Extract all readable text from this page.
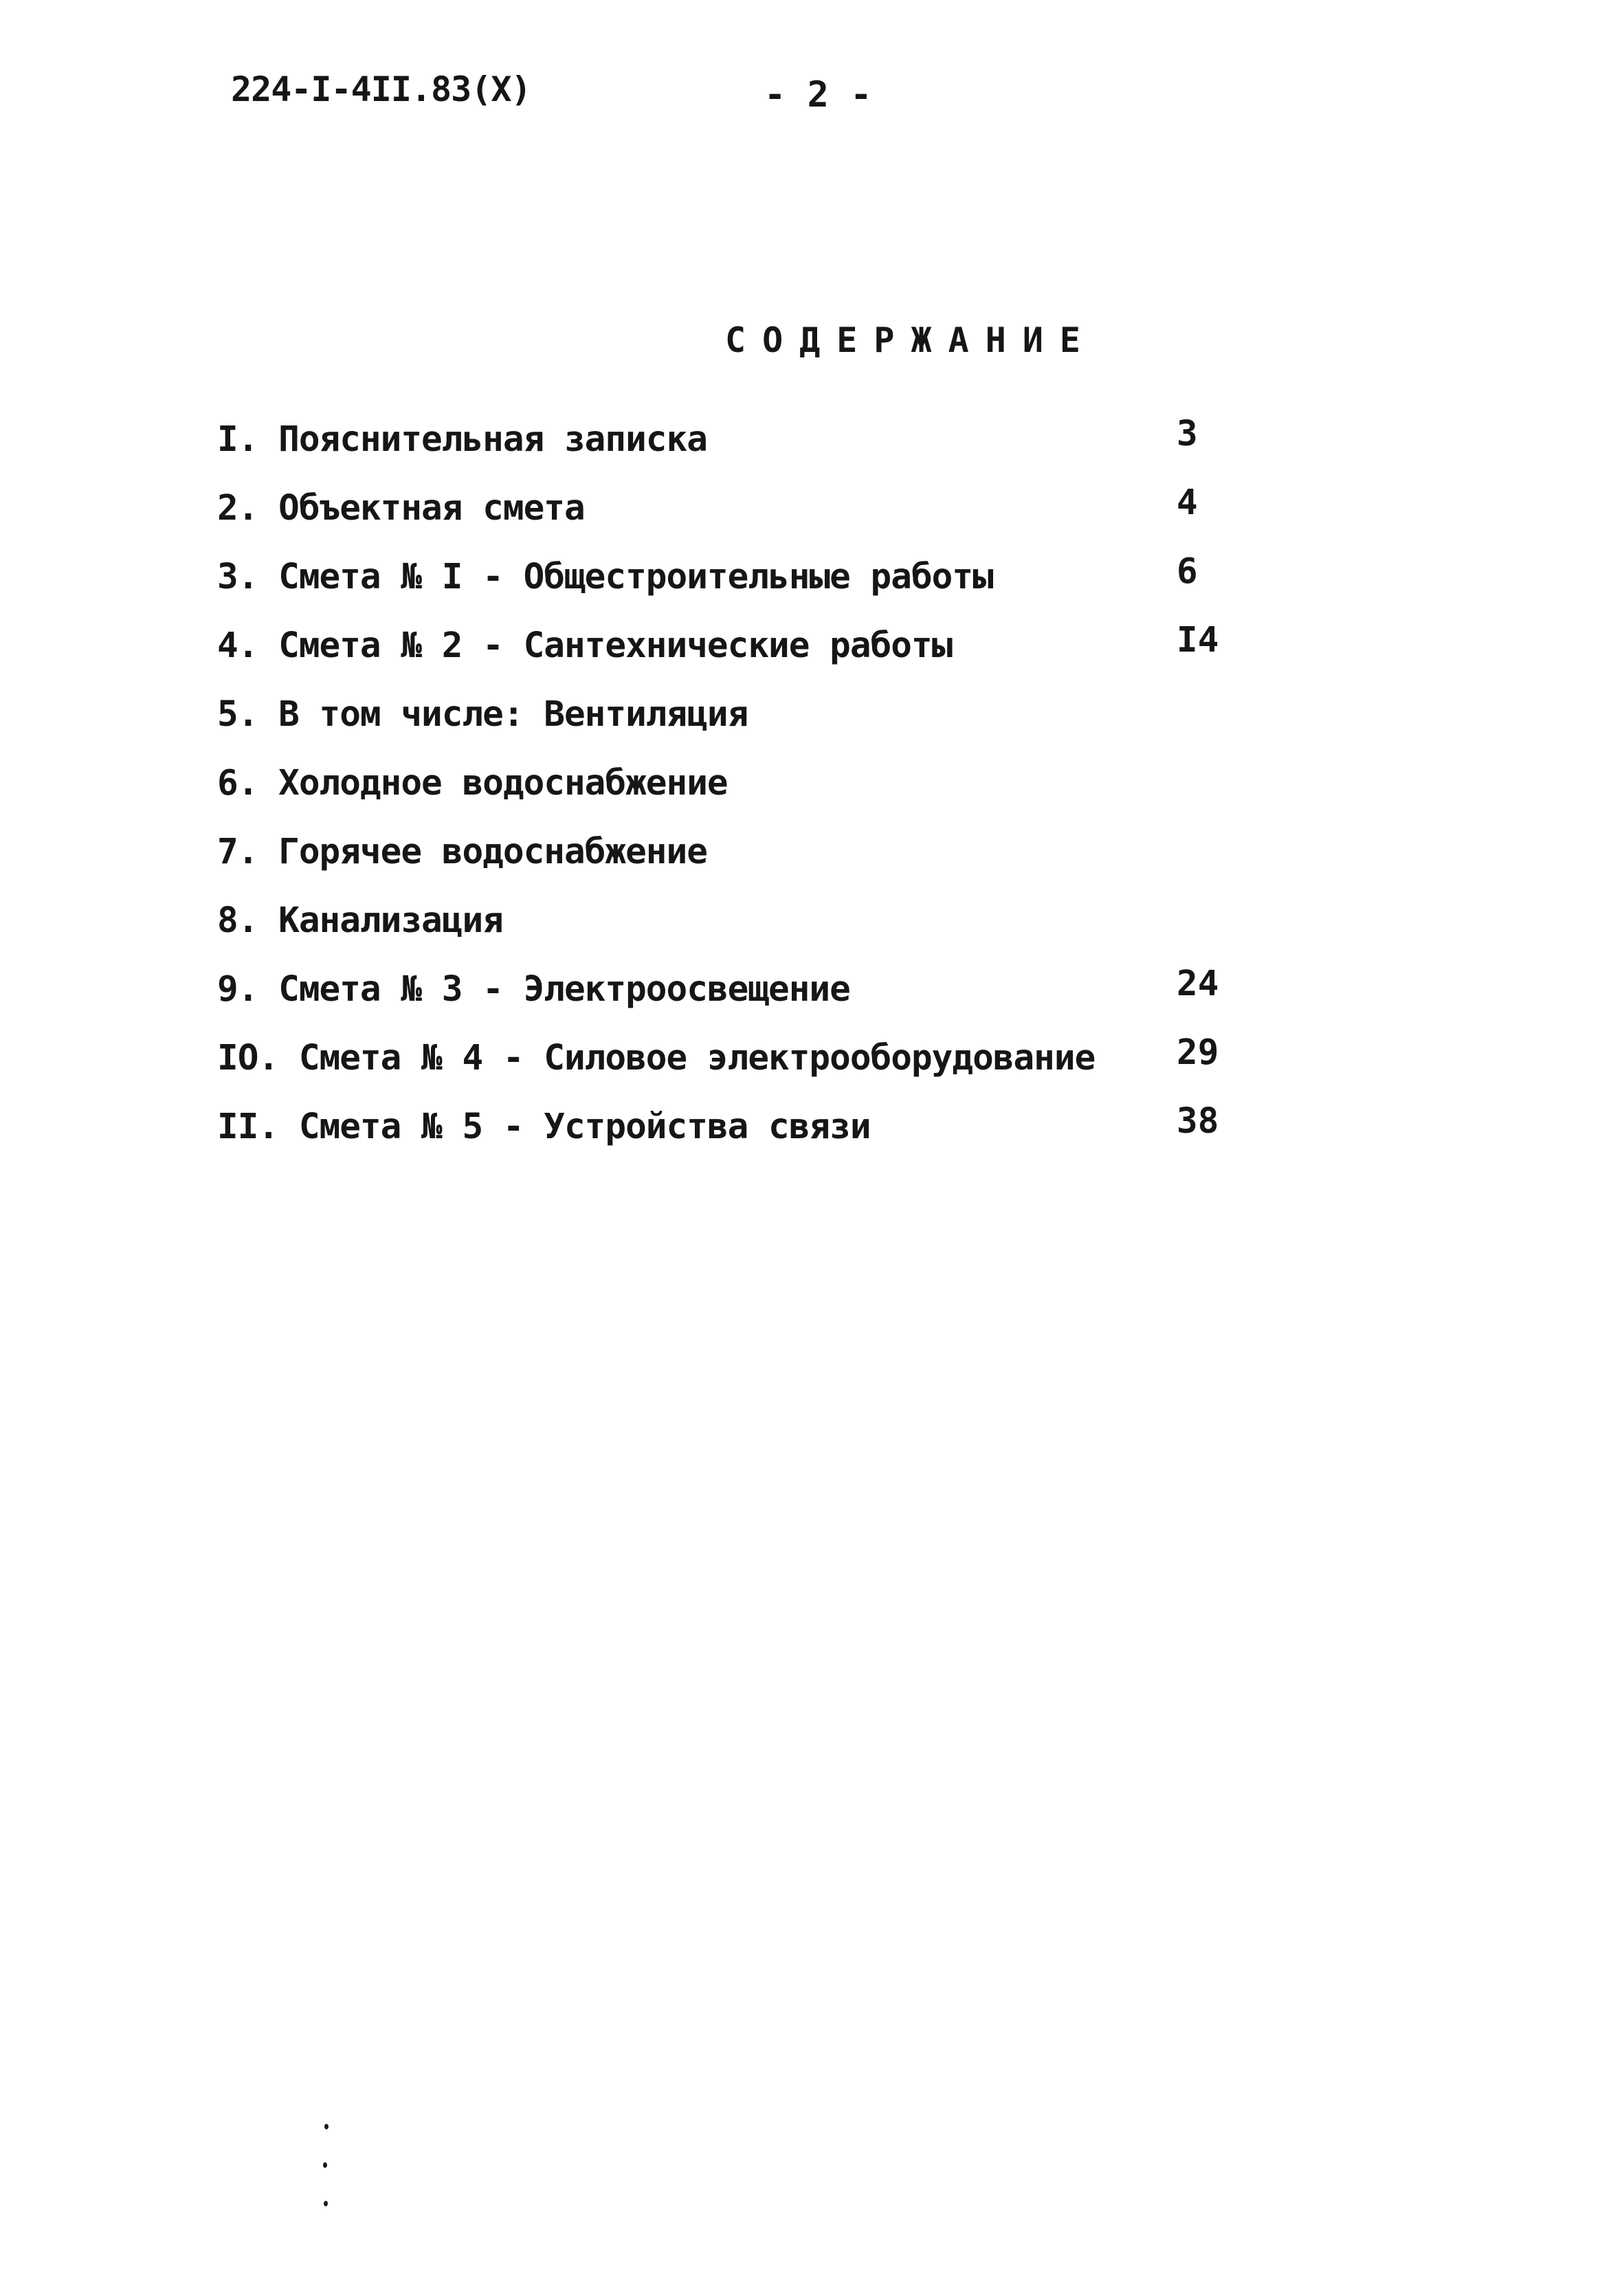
224-I-4II.83(X)	- 2 -
СОДЕРЖАНИЕ
I. Пояснительная записка	3
2. Объектная смета	4
3. Смета № I - Общестроительные работы	6
4. Смета № 2 - Сантехнические работы	I4
5. В том числе: Вентиляция
6. Холодное водоснабжение
7. Горячее водоснабжение
8. Канализация
9. Смета № 3 - Электроосвещение	24
IO. Смета № 4 - Силовое электрооборудование 29
II. Смета № 5 - Устройства связи	38
